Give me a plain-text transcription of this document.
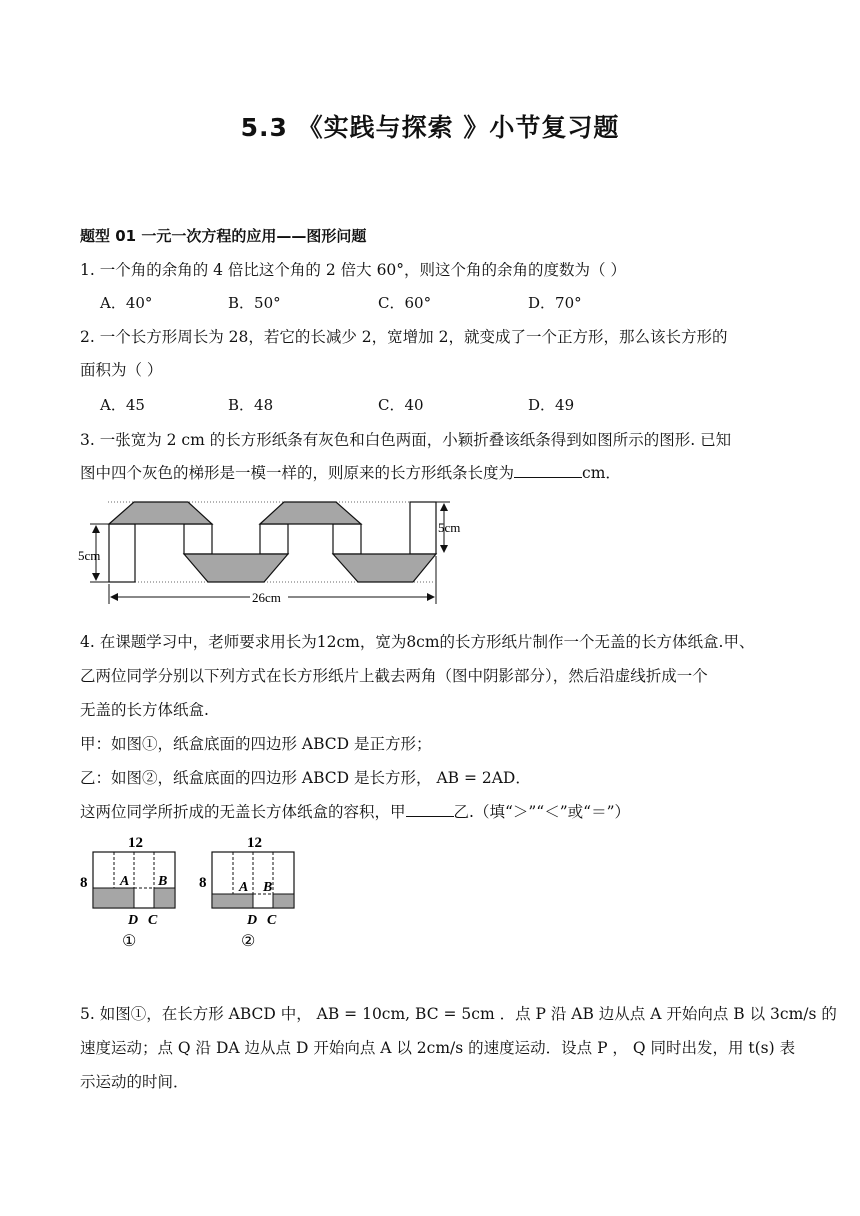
5.3 《实践与探索 》小节复习题
题型 01 一元一次方程的应用——图形问题
1. 一个角的余角的 4 倍比这个角的 2 倍大 60°，则这个角的余角的度数为（ ）
A．40°	B．50°	C．60°	D．70°
2. 一个长方形周长为 28，若它的长减少 2，宽增加 2，就变成了一个正方形，那么该长方形的
面积为（ ）
A．45	B．48	C．40	D．49
3. 一张宽为 2 cm 的长方形纸条有灰色和白色两面，小颖折叠该纸条得到如图所示的图形. 已知
图中四个灰色的梯形是一模一样的，则原来的长方形纸条长度为	cm．
5cm
5cm
26cm
4. 在课题学习中，老师要求用长为12cm，宽为8cm的长方形纸片制作一个无盖的长方体纸盒.甲、
乙两位同学分别以下列方式在长方形纸片上截去两角（图中阴影部分），然后沿虚线折成一个
无盖的长方体纸盒.
甲：如图①，纸盒底面的四边形 ABCD 是正方形；
乙：如图②，纸盒底面的四边形 ABCD 是长方形， AB = 2AD．
这两位同学所折成的无盖长方体纸盒的容积，甲	乙.（填“＞”“＜”或“＝”）
12
8 A B
D C
①
12
8 A B
D C
②
5. 如图①，在长方形 ABCD 中， AB = 10cm, BC = 5cm ．点 P 沿 AB 边从点 A 开始向点 B 以 3cm/s 的
速度运动；点 Q 沿 DA 边从点 D 开始向点 A 以 2cm/s 的速度运动．设点 P ， Q 同时出发，用 t(s) 表
示运动的时间．
